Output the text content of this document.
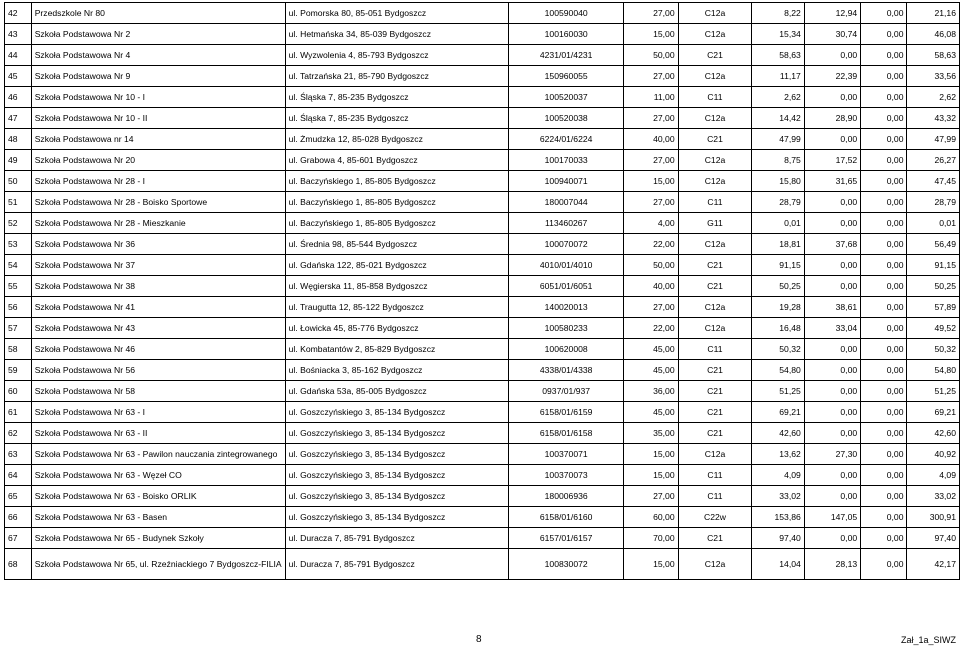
42	Przedszkole Nr 80	ul. Pomorska 80, 85-051 Bydgoszcz	100590040	27,00	C12a	8,22	12,94	0,00	21,16
43	Szkoła Podstawowa Nr 2	ul. Hetmańska 34, 85-039 Bydgoszcz	100160030	15,00	C12a	15,34	30,74	0,00	46,08
44	Szkoła Podstawowa Nr 4	ul. Wyzwolenia 4, 85-793 Bydgoszcz	4231/01/4231	50,00	C21	58,63	0,00	0,00	58,63
45	Szkoła Podstawowa Nr 9	ul. Tatrzańska 21, 85-790 Bydgoszcz	150960055	27,00	C12a	11,17	22,39	0,00	33,56
46	Szkoła Podstawowa Nr 10 - I	ul. Śląska 7, 85-235 Bydgoszcz	100520037	11,00	C11	2,62	0,00	0,00	2,62
47	Szkoła Podstawowa Nr 10 - II	ul. Śląska 7, 85-235 Bydgoszcz	100520038	27,00	C12a	14,42	28,90	0,00	43,32
48	Szkoła Podstawowa nr 14	ul. Żmudzka 12, 85-028 Bydgoszcz	6224/01/6224	40,00	C21	47,99	0,00	0,00	47,99
49	Szkoła Podstawowa Nr 20	ul. Grabowa 4, 85-601 Bydgoszcz	100170033	27,00	C12a	8,75	17,52	0,00	26,27
50	Szkoła Podstawowa Nr 28 - I	ul. Baczyńskiego 1, 85-805 Bydgoszcz	100940071	15,00	C12a	15,80	31,65	0,00	47,45
51	Szkoła Podstawowa Nr 28 - Boisko Sportowe	ul. Baczyńskiego 1, 85-805 Bydgoszcz	180007044	27,00	C11	28,79	0,00	0,00	28,79
52	Szkoła Podstawowa Nr 28 - Mieszkanie	ul. Baczyńskiego 1, 85-805 Bydgoszcz	113460267	4,00	G11	0,01	0,00	0,00	0,01
53	Szkoła Podstawowa Nr 36	ul. Średnia 98, 85-544 Bydgoszcz	100070072	22,00	C12a	18,81	37,68	0,00	56,49
54	Szkoła Podstawowa Nr 37	ul. Gdańska 122, 85-021 Bydgoszcz	4010/01/4010	50,00	C21	91,15	0,00	0,00	91,15
55	Szkoła Podstawowa Nr 38	ul. Węgierska 11, 85-858 Bydgoszcz	6051/01/6051	40,00	C21	50,25	0,00	0,00	50,25
56	Szkoła Podstawowa Nr 41	ul. Traugutta 12, 85-122 Bydgoszcz	140020013	27,00	C12a	19,28	38,61	0,00	57,89
57	Szkoła Podstawowa Nr 43	ul. Łowicka 45, 85-776 Bydgoszcz	100580233	22,00	C12a	16,48	33,04	0,00	49,52
58	Szkoła Podstawowa Nr 46	ul. Kombatantów 2, 85-829 Bydgoszcz	100620008	45,00	C11	50,32	0,00	0,00	50,32
59	Szkoła Podstawowa Nr 56	ul. Bośniacka 3, 85-162 Bydgoszcz	4338/01/4338	45,00	C21	54,80	0,00	0,00	54,80
60	Szkoła Podstawowa Nr 58	ul. Gdańska 53a, 85-005 Bydgoszcz	0937/01/937	36,00	C21	51,25	0,00	0,00	51,25
61	Szkoła Podstawowa Nr 63 - I	ul. Goszczyńskiego 3, 85-134 Bydgoszcz	6158/01/6159	45,00	C21	69,21	0,00	0,00	69,21
62	Szkoła Podstawowa Nr 63 - II	ul. Goszczyńskiego 3, 85-134 Bydgoszcz	6158/01/6158	35,00	C21	42,60	0,00	0,00	42,60
63	Szkoła Podstawowa Nr 63 - Pawilon nauczania zintegrowanego	ul. Goszczyńskiego 3, 85-134 Bydgoszcz	100370071	15,00	C12a	13,62	27,30	0,00	40,92
64	Szkoła Podstawowa Nr 63 - Węzeł CO	ul. Goszczyńskiego 3, 85-134 Bydgoszcz	100370073	15,00	C11	4,09	0,00	0,00	4,09
65	Szkoła Podstawowa Nr 63 - Boisko ORLIK	ul. Goszczyńskiego 3, 85-134 Bydgoszcz	180006936	27,00	C11	33,02	0,00	0,00	33,02
66	Szkoła Podstawowa Nr 63 - Basen	ul. Goszczyńskiego 3, 85-134 Bydgoszcz	6158/01/6160	60,00	C22w	153,86	147,05	0,00	300,91
67	Szkoła Podstawowa Nr 65 - Budynek Szkoły	ul. Duracza 7, 85-791 Bydgoszcz	6157/01/6157	70,00	C21	97,40	0,00	0,00	97,40
68	Szkoła Podstawowa Nr 65, ul. Rzeźniackiego 7 Bydgoszcz-FILIA	ul. Duracza 7, 85-791 Bydgoszcz	100830072	15,00	C12a	14,04	28,13	0,00	42,17
8	Zał_1a_SIWZ
